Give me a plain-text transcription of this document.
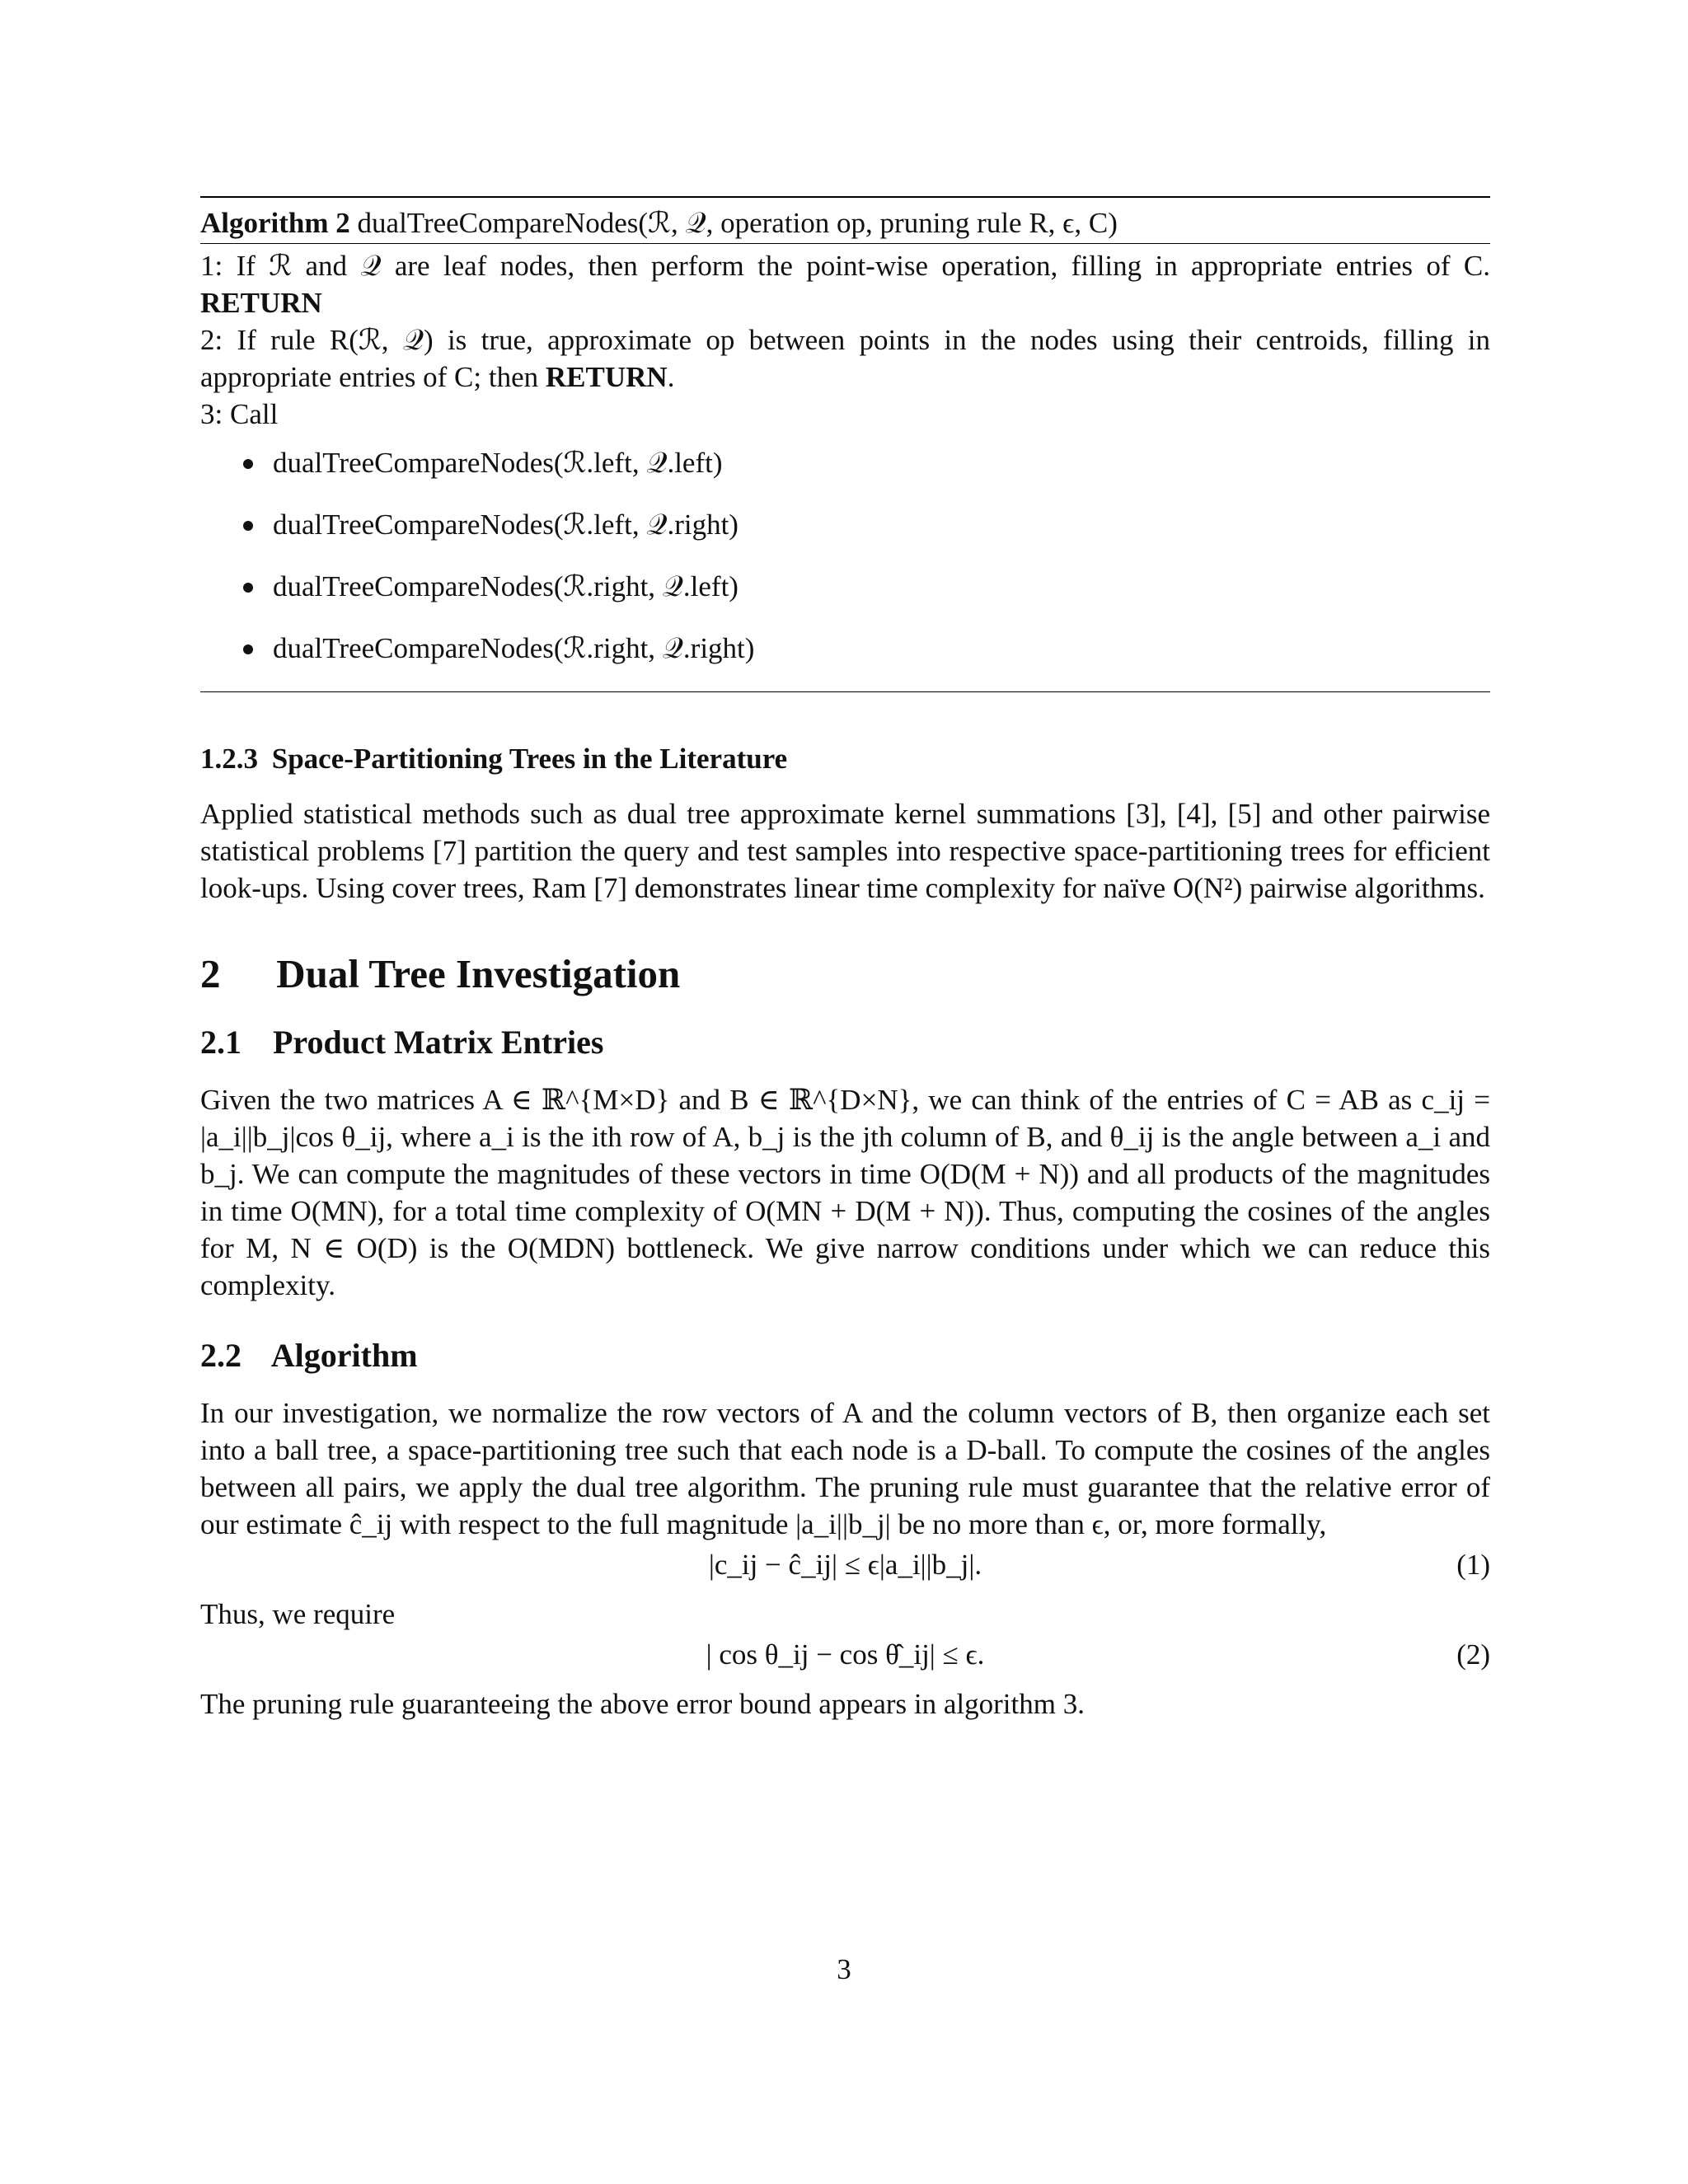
Algorithm 2 dualTreeCompareNodes(ℛ, 𝒬, operation op, pruning rule R, ϵ, C)
1: If ℛ and 𝒬 are leaf nodes, then perform the point-wise operation, filling in appropriate entries of C. RETURN
2: If rule R(ℛ, 𝒬) is true, approximate op between points in the nodes using their centroids, filling in appropriate entries of C; then RETURN.
3: Call
dualTreeCompareNodes(ℛ.left, 𝒬.left)
dualTreeCompareNodes(ℛ.left, 𝒬.right)
dualTreeCompareNodes(ℛ.right, 𝒬.left)
dualTreeCompareNodes(ℛ.right, 𝒬.right)
1.2.3 Space-Partitioning Trees in the Literature

Applied statistical methods such as dual tree approximate kernel summations [3], [4], [5] and other pairwise statistical problems [7] partition the query and test samples into respective space-partitioning trees for efficient look-ups. Using cover trees, Ram [7] demonstrates linear time complexity for naïve O(N²) pairwise algorithms.

2 Dual Tree Investigation
2.1 Product Matrix Entries

Given the two matrices A ∈ ℝ^{M×D} and B ∈ ℝ^{D×N}, we can think of the entries of C = AB as c_ij = |a_i||b_j|cos θ_ij, where a_i is the ith row of A, b_j is the jth column of B, and θ_ij is the angle between a_i and b_j. We can compute the magnitudes of these vectors in time O(D(M + N)) and all products of the magnitudes in time O(MN), for a total time complexity of O(MN + D(M + N)). Thus, computing the cosines of the angles for M, N ∈ O(D) is the O(MDN) bottleneck. We give narrow conditions under which we can reduce this complexity.

2.2 Algorithm

In our investigation, we normalize the row vectors of A and the column vectors of B, then organize each set into a ball tree, a space-partitioning tree such that each node is a D-ball. To compute the cosines of the angles between all pairs, we apply the dual tree algorithm. The pruning rule must guarantee that the relative error of our estimate ĉ_ij with respect to the full magnitude |a_i||b_j| be no more than ϵ, or, more formally,

|c_ij − ĉ_ij| ≤ ϵ|a_i||b_j|.	(1)

Thus, we require

| cos θ_ij − cos θ̂_ij| ≤ ϵ.	(2)

The pruning rule guaranteeing the above error bound appears in algorithm 3.

3
